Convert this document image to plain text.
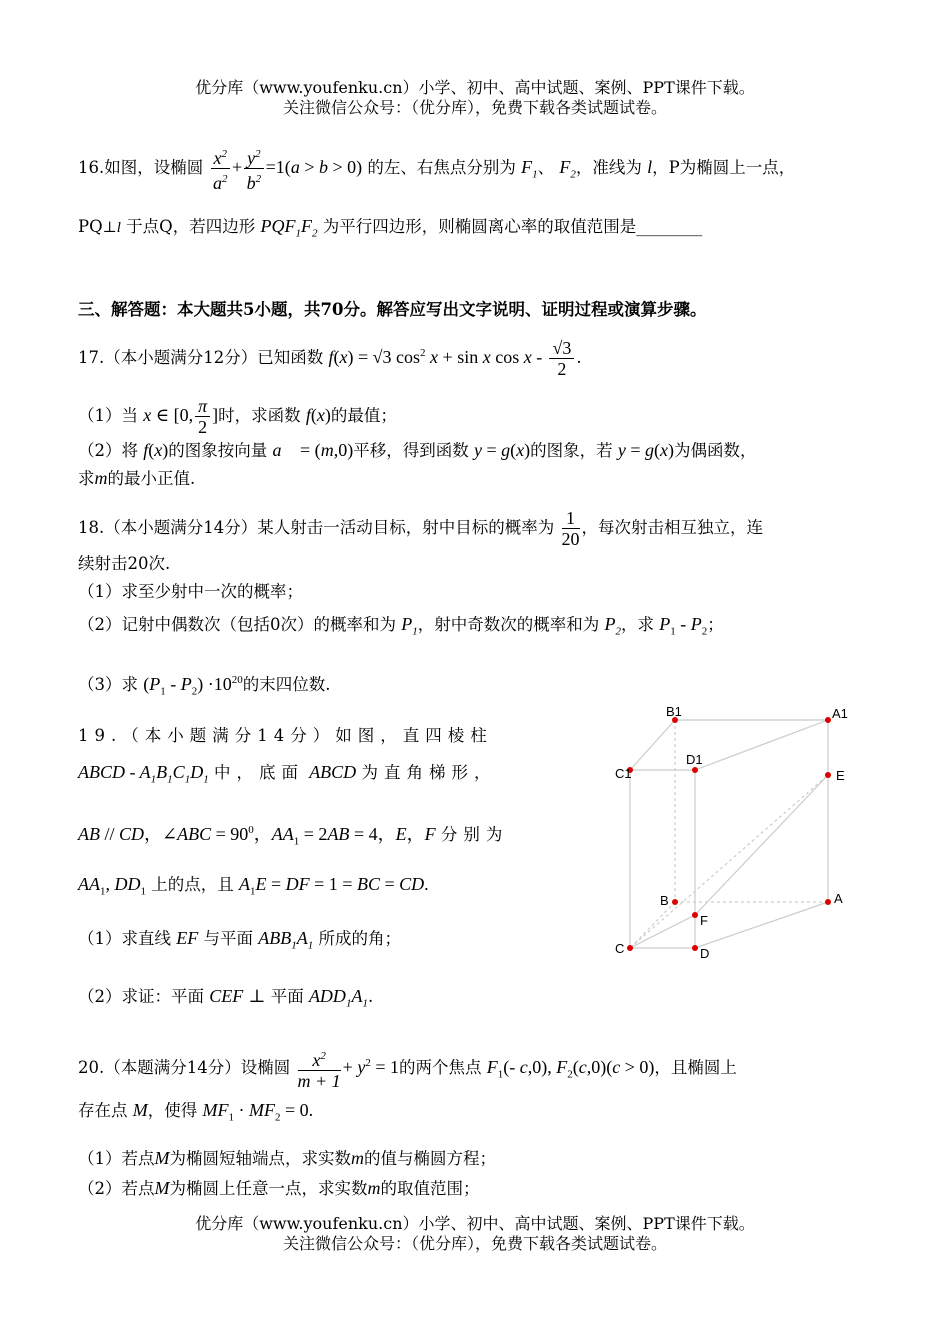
优分库（www.youfenku.cn）小学、初中、高中试题、案例、PPT课件下载。
关注微信公众号：（优分库），免费下载各类试题试卷。
16.如图，设椭圆 $\frac{x^2}{a^2} + \frac{y^2}{b^2} =1(a > b > 0)$ 的左、右焦点分别为 $F_1$、 $F_2$，准线为 l，P为椭圆上一点，
PQ⊥l 于点Q，若四边形 $PQF_1F_2$ 为平行四边形，则椭圆离心率的取值范围是________
三、解答题：本大题共5小题，共70分。解答应写出文字说明、证明过程或演算步骤。
17.（本小题满分12分）已知函数 f(x) = √3 $\cos^2 x + \sin x$ cos x - $\frac{√3}{2}$ .
（1）当 x ∈ [0, $\frac{\pi}{2}$ ]时，求函数 f(x)的最值；
（2）将 f(x)的图象按向量 a⃗ = (m,0)平移，得到函数 y = g(x)的图象，若 y = g(x)为偶函数，
求m的最小正值.
18.（本小题满分14分）某人射击一活动目标，射中目标的概率为 $\frac{1}{20}$ ，每次射击相互独立，连
续射击20次.
（1）求至少射中一次的概率；
（2）记射中偶数次（包括0次）的概率和为 $P_1$，射中奇数次的概率和为 $P_2$，求 $P_1 - P_2$；
（3）求 $(P_1 - P_2) \cdot 10^{20}$的末四位数.
19.（本小题满分14分）如图，直四棱柱
ABCD - $A_1B_1C_1D_1$ 中，底面 ABCD 为直角梯形，
AB // CD，∠ABC = $90^0$，$AA_1 = 2AB = 4$，E，F 分别为
$AA_1$, $DD_1$ 上的点，且 $A_1E$ = DF = 1 = BC = CD.
（1）求直线 EF 与平面 $ABB_1A_1$ 所成的角；
（2）求证：平面 CEF ⊥ 平面 $ADD_1A_1$.
B1	A1
D1
C1	E
B	A
F
C	D
20.（本题满分14分）设椭圆 $\frac{x^2}{m + 1} + y^2 = 1$的两个焦点 $F_1(-$ c,0), $F_2(c,0)(c > 0)$，且椭圆上
存在点 M，使得 $MF_1 \cdot MF_2 = 0$.
（1）若点M为椭圆短轴端点，求实数m的值与椭圆方程；
（2）若点M为椭圆上任意一点，求实数m的取值范围；
优分库（www.youfenku.cn）小学、初中、高中试题、案例、PPT课件下载。
关注微信公众号：（优分库），免费下载各类试题试卷。
